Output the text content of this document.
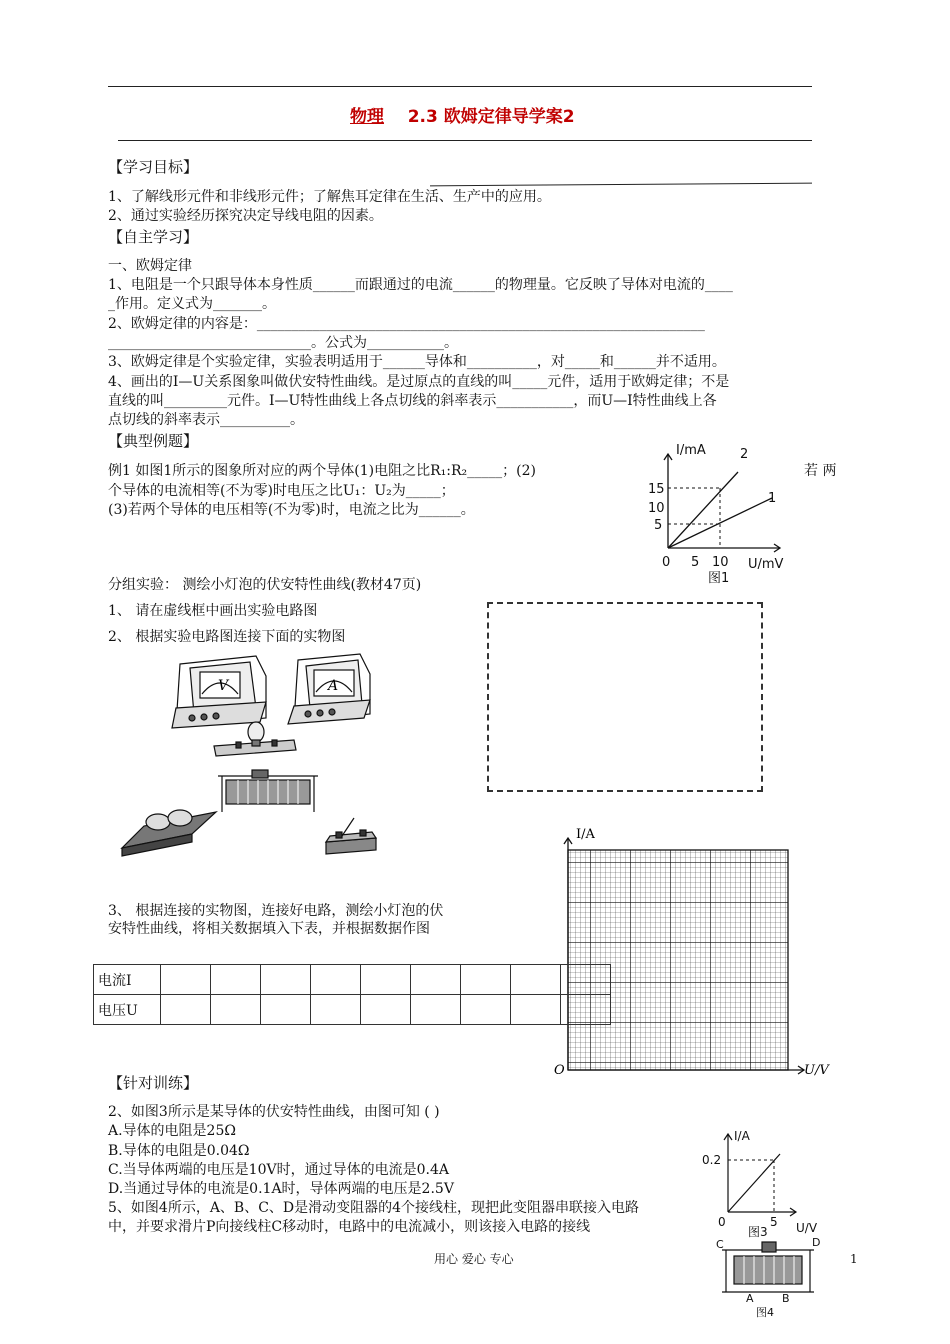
物理 2.3 欧姆定律导学案2
【学习目标】
1、了解线形元件和非线形元件；了解焦耳定律在生活、生产中的应用。
2、通过实验经历探究决定导线电阻的因素。
【自主学习】
一、欧姆定律
1、电阻是一个只跟导体本身性质______而跟通过的电流______的物理量。它反映了导体对电流的____
_作用。定义式为_______。
2、欧姆定律的内容是：________________________________________________________________
_____________________________。公式为___________。
3、欧姆定律是个实验定律，实验表明适用于______导体和__________，对_____和______并不适用。
4、画出的I—U关系图象叫做伏安特性曲线。是过原点的直线的叫_____元件，适用于欧姆定律；不是
直线的叫_________元件。I—U特性曲线上各点切线的斜率表示___________，而U—I特性曲线上各
点切线的斜率表示__________。
【典型例题】
例1 如图1所示的图象所对应的两个导体(1)电阻之比R₁:R₂_____；(2)	若 两
个导体的电流相等(不为零)时电压之比U₁：U₂为_____；
(3)若两个导体的电压相等(不为零)时，电流之比为______。
I/mA
U/mV
15
10
5
0 5 10
2
1
图1
分组实验： 测绘小灯泡的伏安特性曲线(教材47页)
1、 请在虚线框中画出实验电路图
2、 根据实验电路图连接下面的实物图
V	A
I/A
U/V
O
3、 根据连接的实物图，连接好电路，测绘小灯泡的伏
安特性曲线，将相关数据填入下表，并根据数据作图
电流I									
电压U									
【针对训练】
2、如图3所示是某导体的伏安特性曲线，由图可知 ( )
A.导体的电阻是25Ω
B.导体的电阻是0.04Ω
C.当导体两端的电压是10V时，通过导体的电流是0.4A
D.当通过导体的电流是0.1A时，导体两端的电压是2.5V
5、如图4所示，A、B、C、D是滑动变阻器的4个接线柱，现把此变阻器串联接入电路
中，并要求滑片P向接线柱C移动时，电路中的电流减小，则该接入电路的接线
I/A
0.2
5
0	U/V
图3
C	D
A	B
图4
用心 爱心 专心	1
